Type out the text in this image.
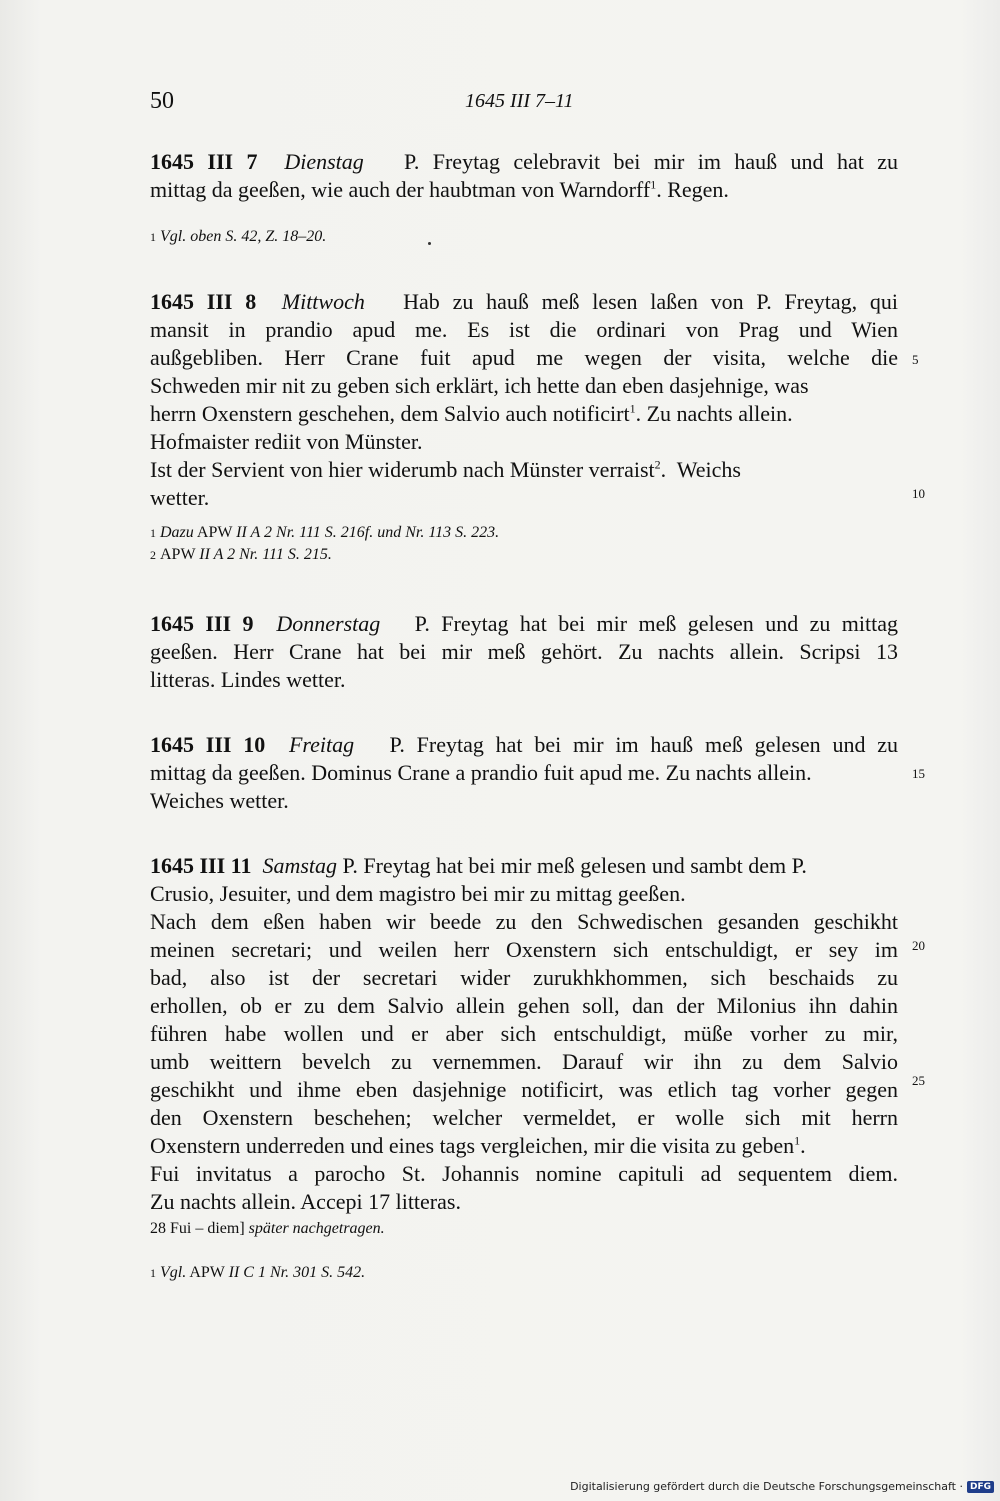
50	1645 III 7–11
1645 III 7 Dienstag P. Freytag celebravit bei mir im hauß und hat zu
mittag da geeßen, wie auch der haubtman von Warndorff$^1$. Regen.
$^1$ Vgl. oben S. 42, Z. 18–20.
1645 III 8 Mittwoch Hab zu hauß meß lesen laßen von P. Freytag, qui
mansit in prandio apud me. Es ist die ordinari von Prag und Wien
außgebliben. Herr Crane fuit apud me wegen der visita, welche die
Schweden mir nit zu geben sich erklärt, ich hette dan eben dasjehnige, was
herrn Oxenstern geschehen, dem Salvio auch notificirt$^1$. Zu nachts allein.
Hofmaister rediit von Münster.
Ist der Servient von hier widerumb nach Münster verraist$^2$.  Weichs
wetter.
$^1$ Dazu APW II A 2 Nr. 111 S. 216f. und Nr. 113 S. 223.
$^2$ APW II A 2 Nr. 111 S. 215.
1645 III 9 Donnerstag P. Freytag hat bei mir meß gelesen und zu mittag
geeßen. Herr Crane hat bei mir meß gehört. Zu nachts allein. Scripsi 13
litteras. Lindes wetter.
1645 III 10 Freitag P. Freytag hat bei mir im hauß meß gelesen und zu
mittag da geeßen. Dominus Crane a prandio fuit apud me. Zu nachts allein.
Weiches wetter.
1645 III 11 Samstag P. Freytag hat bei mir meß gelesen und sambt dem P.
Crusio, Jesuiter, und dem magistro bei mir zu mittag geeßen.
Nach dem eßen haben wir beede zu den Schwedischen gesanden geschikht
meinen secretari; und weilen herr Oxenstern sich entschuldigt, er sey im
bad, also ist der secretari wider zurukhkhommen, sich beschaids zu
erhollen, ob er zu dem Salvio allein gehen soll, dan der Milonius ihn dahin
führen habe wollen und er aber sich entschuldigt, müße vorher zu mir,
umb weittern bevelch zu vernemmen. Darauf wir ihn zu dem Salvio
geschikht und ihme eben dasjehnige notificirt, was etlich tag vorher gegen
den Oxenstern beschehen; welcher vermeldet, er wolle sich mit herrn
Oxenstern underreden und eines tags vergleichen, mir die visita zu geben$^1$.
Fui invitatus a parocho St. Johannis nomine capituli ad sequentem diem.
Zu nachts allein. Accepi 17 litteras.
28 Fui – diem] später nachgetragen.
$^1$ Vgl. APW II C 1 Nr. 301 S. 542.
5
10
15
20
25
Digitalisierung gefördert durch die Deutsche Forschungsgemeinschaft · DFG
